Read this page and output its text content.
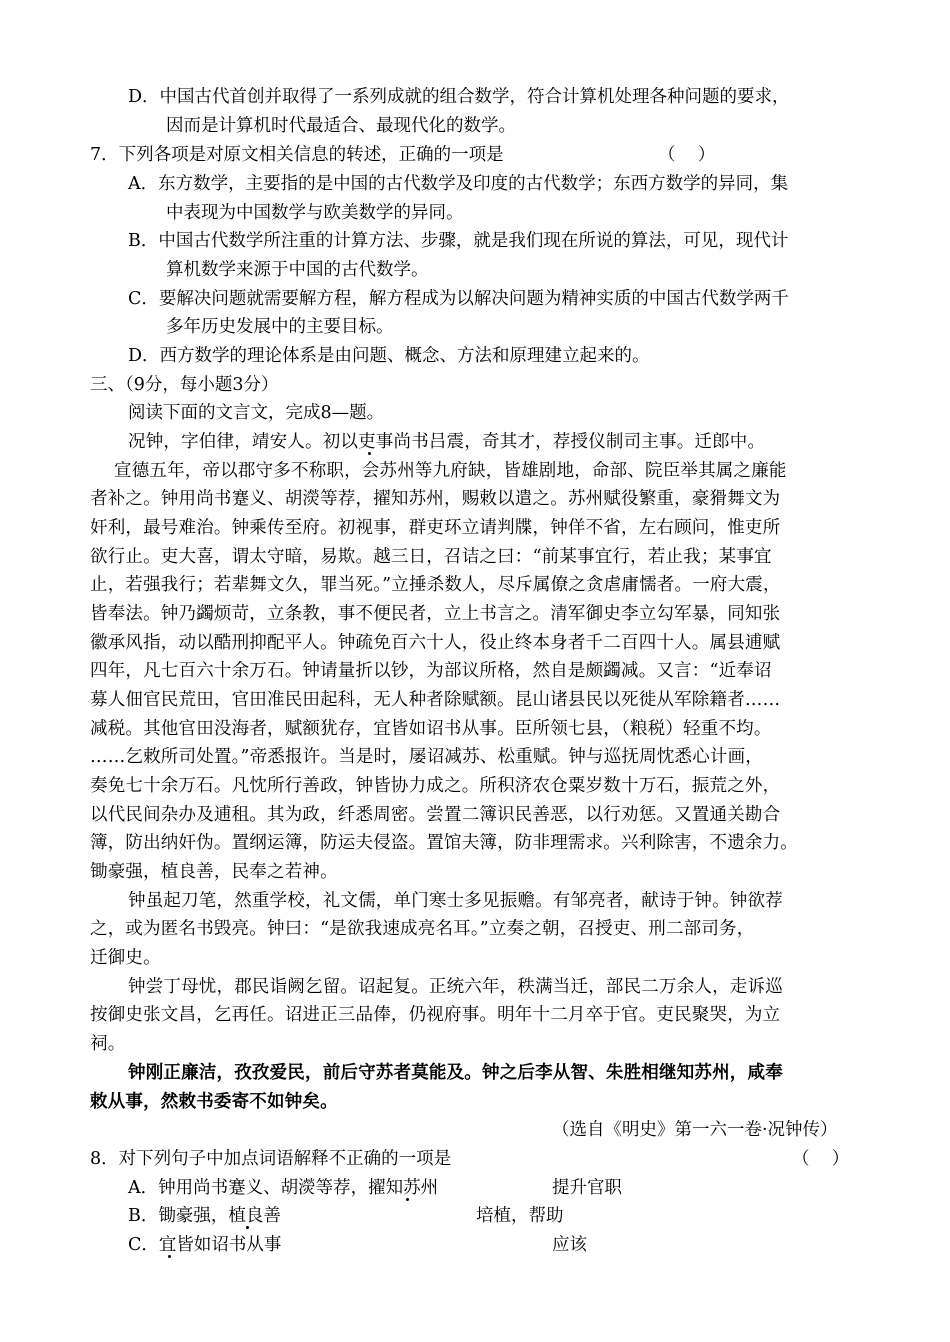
D．中国古代首创并取得了一系列成就的组合数学，符合计算机处理各种问题的要求，
因而是计算机时代最适合、最现代化的数学。
7．下列各项是对原文相关信息的转述，正确的一项是	（    ）
A．东方数学，主要指的是中国的古代数学及印度的古代数学；东西方数学的异同，集
中表现为中国数学与欧美数学的异同。
B．中国古代数学所注重的计算方法、步骤，就是我们现在所说的算法，可见，现代计
算机数学来源于中国的古代数学。
C．要解决问题就需要解方程，解方程成为以解决问题为精神实质的中国古代数学两千
多年历史发展中的主要目标。
D．西方数学的理论体系是由问题、概念、方法和原理建立起来的。
三、（9分，每小题3分）
阅读下面的文言文，完成8—题。
况钟，字伯律，靖安人。初以吏事尚书吕震，奇其才，荐授仪制司主事。迁郎中。
宣德五年，帝以郡守多不称职，会苏州等九府缺，皆雄剧地，命部、院臣举其属之廉能
者补之。钟用尚书蹇义、胡濙等荐，擢知苏州，赐敕以遣之。苏州赋役繁重，豪猾舞文为
奸利，最号难治。钟乘传至府。初视事，群吏环立请判牒，钟佯不省，左右顾问，惟吏所
欲行止。吏大喜，谓太守暗，易欺。越三日，召诘之曰：“前某事宜行，若止我；某事宜
止，若强我行；若辈舞文久，罪当死。”立捶杀数人，尽斥属僚之贪虐庸懦者。一府大震，
皆奉法。钟乃蠲烦苛，立条教，事不便民者，立上书言之。清军御史李立勾军暴，同知张
徽承风指，动以酷刑抑配平人。钟疏免百六十人，役止终本身者千二百四十人。属县逋赋
四年，凡七百六十余万石。钟请量折以钞，为部议所格，然自是颇蠲减。又言：“近奉诏
募人佃官民荒田，官田准民田起科，无人种者除赋额。昆山诸县民以死徙从军除籍者……
减税。其他官田没海者，赋额犹存，宜皆如诏书从事。臣所领七县，（粮税）轻重不均。
……乞敕所司处置。”帝悉报许。当是时，屡诏减苏、松重赋。钟与巡抚周忱悉心计画，
奏免七十余万石。凡忱所行善政，钟皆协力成之。所积济农仓粟岁数十万石，振荒之外，
以代民间杂办及逋租。其为政，纤悉周密。尝置二簿识民善恶，以行劝惩。又置通关勘合
簿，防出纳奸伪。置纲运簿，防运夫侵盗。置馆夫簿，防非理需求。兴利除害，不遗余力。
锄豪强，植良善，民奉之若神。
钟虽起刀笔，然重学校，礼文儒，单门寒士多见振赡。有邹亮者，献诗于钟。钟欲荐
之，或为匿名书毁亮。钟曰：“是欲我速成亮名耳。”立奏之朝，召授吏、刑二部司务，
迁御史。
钟尝丁母忧，郡民诣阙乞留。诏起复。正统六年，秩满当迁，部民二万余人，走诉巡
按御史张文昌，乞再任。诏进正三品俸，仍视府事。明年十二月卒于官。吏民聚哭，为立
祠。
钟刚正廉洁，孜孜爱民，前后守苏者莫能及。钟之后李从智、朱胜相继知苏州，咸奉
敕从事，然敕书委寄不如钟矣。
（选自《明史》第一六一卷·况钟传）
8．对下列句子中加点词语解释不正确的一项是	（    ）
A．钟用尚书蹇义、胡濙等荐，擢知苏州	提升官职
B．锄豪强，植良善	培植，帮助
C．宜皆如诏书从事	应该
